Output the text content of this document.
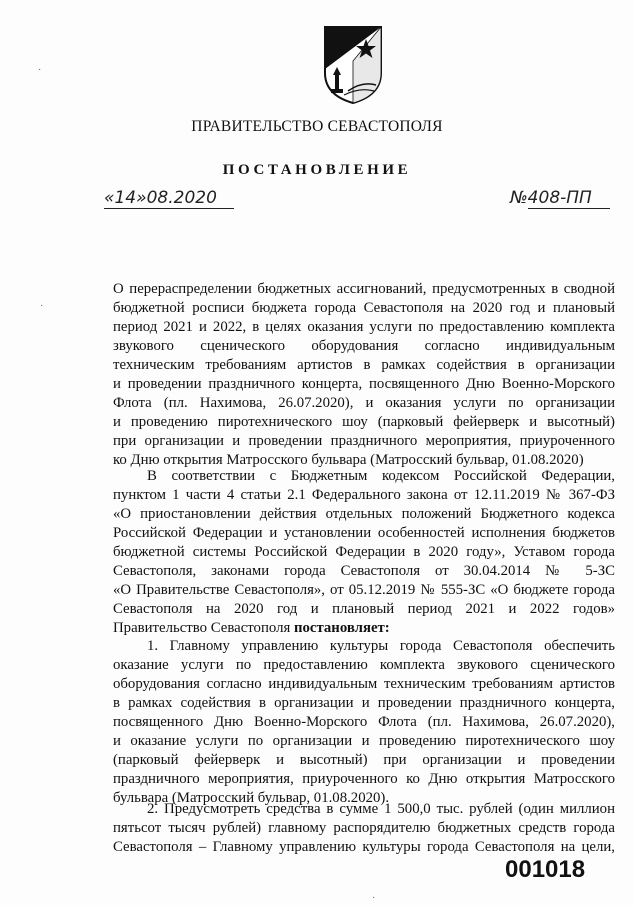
ПРАВИТЕЛЬСТВО СЕВАСТОПОЛЯ
ПОСТАНОВЛЕНИЕ
«14»08.2020	№408-ПП
О перераспределении бюджетных ассигнований, предусмотренных в сводной
бюджетной росписи бюджета города Севастополя на 2020 год и плановый
период 2021 и 2022, в целях оказания услуги по предоставлению комплекта
звукового сценического оборудования согласно индивидуальным
техническим требованиям артистов в рамках содействия в организации
и проведении праздничного концерта, посвященного Дню Военно-Морского
Флота (пл. Нахимова, 26.07.2020), и оказания услуги по организации
и проведению пиротехнического шоу (парковый фейерверк и высотный)
при организации и проведении праздничного мероприятия, приуроченного
ко Дню открытия Матросского бульвара (Матросский бульвар, 01.08.2020)
В соответствии с Бюджетным кодексом Российской Федерации,
пунктом 1 части 4 статьи 2.1 Федерального закона от 12.11.2019 № 367-ФЗ
«О приостановлении действия отдельных положений Бюджетного кодекса
Российской Федерации и установлении особенностей исполнения бюджетов
бюджетной системы Российской Федерации в 2020 году», Уставом города
Севастополя, законами города Севастополя от 30.04.2014 № 5-ЗС
«О Правительстве Севастополя», от 05.12.2019 № 555-ЗС «О бюджете города
Севастополя на 2020 год и плановый период 2021 и 2022 годов»
Правительство Севастополя постановляет:
1. Главному управлению культуры города Севастополя обеспечить
оказание услуги по предоставлению комплекта звукового сценического
оборудования согласно индивидуальным техническим требованиям артистов
в рамках содействия в организации и проведении праздничного концерта,
посвященного Дню Военно-Морского Флота (пл. Нахимова, 26.07.2020),
и оказание услуги по организации и проведению пиротехнического шоу
(парковый фейерверк и высотный) при организации и проведении
праздничного мероприятия, приуроченного ко Дню открытия Матросского
бульвара (Матросский бульвар, 01.08.2020).
2. Предусмотреть средства в сумме 1 500,0 тыс. рублей (один миллион
пятьсот тысяч рублей) главному распорядителю бюджетных средств города
Севастополя – Главному управлению культуры города Севастополя на цели,
001018
·
·
·
